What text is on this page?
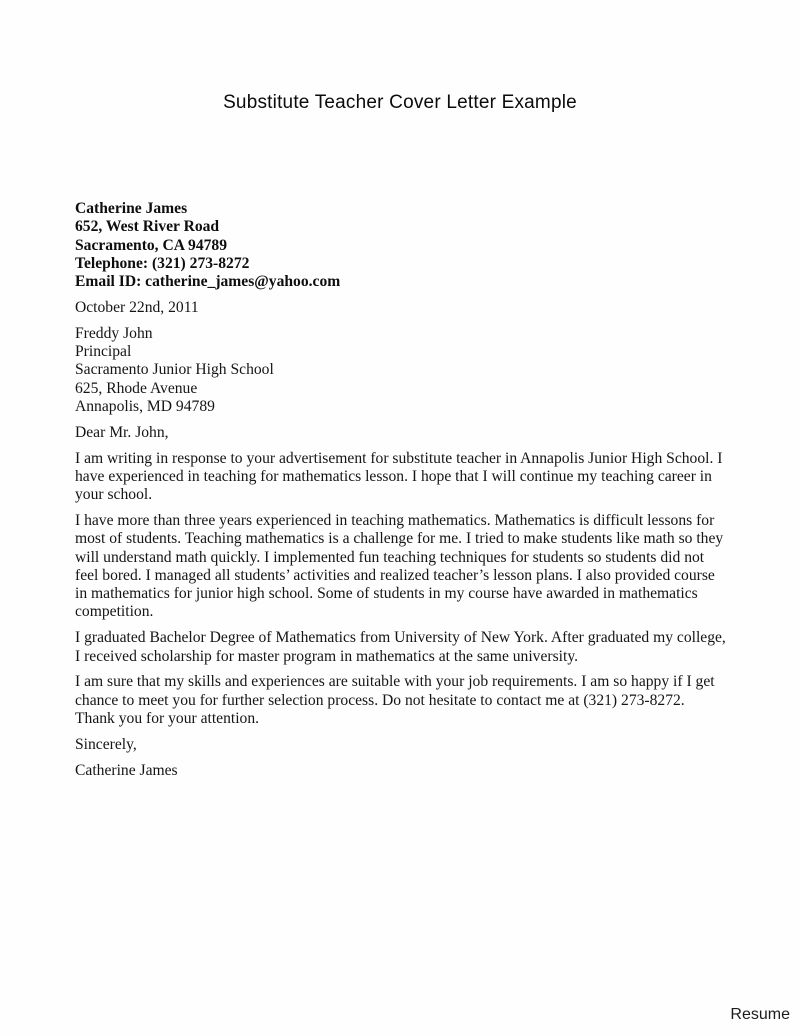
Substitute Teacher Cover Letter Example
Catherine James
652, West River Road
Sacramento, CA 94789
Telephone: (321) 273-8272
Email ID: catherine_james@yahoo.com
October 22nd, 2011
Freddy John
Principal
Sacramento Junior High School
625, Rhode Avenue
Annapolis, MD 94789

Dear Mr. John,

I am writing in response to your advertisement for substitute teacher in Annapolis Junior High School. I have experienced in teaching for mathematics lesson. I hope that I will continue my teaching career in your school.

I have more than three years experienced in teaching mathematics. Mathematics is difficult lessons for most of students. Teaching mathematics is a challenge for me. I tried to make students like math so they will understand math quickly. I implemented fun teaching techniques for students so students did not feel bored. I managed all students’ activities and realized teacher’s lesson plans. I also provided course in mathematics for junior high school. Some of students in my course have awarded in mathematics competition.

I graduated Bachelor Degree of Mathematics from University of New York. After graduated my college, I received scholarship for master program in mathematics at the same university.

I am sure that my skills and experiences are suitable with your job requirements. I am so happy if I get chance to meet you for further selection process. Do not hesitate to contact me at (321) 273-8272. Thank you for your attention.

Sincerely,

Catherine James

Resume
